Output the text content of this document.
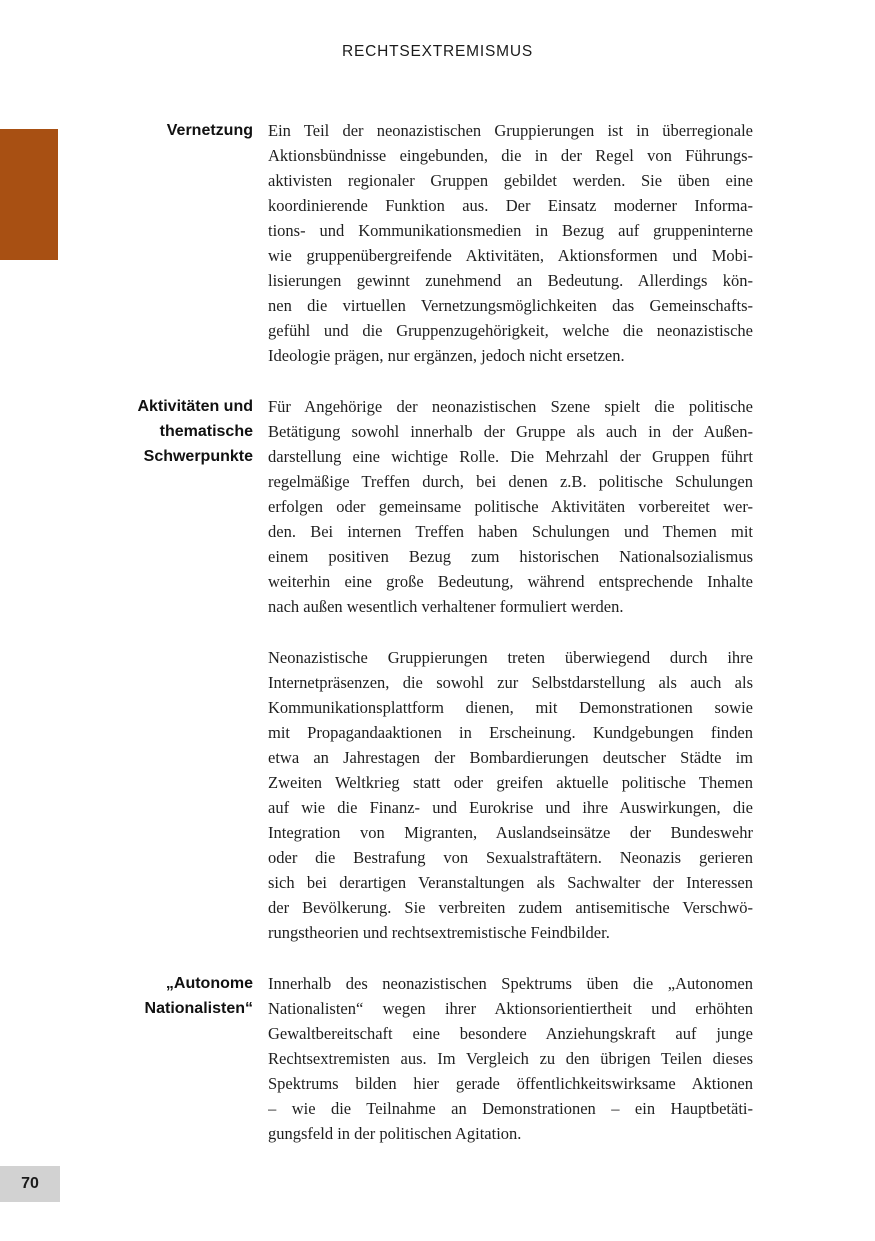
RECHTSEXTREMISMUS
Vernetzung Ein Teil der neonazistischen Gruppierungen ist in überregionale
Aktionsbündnisse eingebunden, die in der Regel von Führungs-
aktivisten regionaler Gruppen gebildet werden. Sie üben eine
koordinierende Funktion aus. Der Einsatz moderner Informa-
tions- und Kommunikationsmedien in Bezug auf gruppeninterne
wie gruppenübergreifende Aktivitäten, Aktionsformen und Mobi-
lisierungen gewinnt zunehmend an Bedeutung. Allerdings kön-
nen die virtuellen Vernetzungsmöglichkeiten das Gemeinschafts-
gefühl und die Gruppenzugehörigkeit, welche die neonazistische
Ideologie prägen, nur ergänzen, jedoch nicht ersetzen.
Aktivitäten und
thematische
Schwerpunkte
Für Angehörige der neonazistischen Szene spielt die politische
Betätigung sowohl innerhalb der Gruppe als auch in der Außen-
darstellung eine wichtige Rolle. Die Mehrzahl der Gruppen führt
regelmäßige Treffen durch, bei denen z.B. politische Schulungen
erfolgen oder gemeinsame politische Aktivitäten vorbereitet wer-
den. Bei internen Treffen haben Schulungen und Themen mit
einem positiven Bezug zum historischen Nationalsozialismus
weiterhin eine große Bedeutung, während entsprechende Inhalte
nach außen wesentlich verhaltener formuliert werden.
Neonazistische Gruppierungen treten überwiegend durch ihre
Internetpräsenzen, die sowohl zur Selbstdarstellung als auch als
Kommunikationsplattform dienen, mit Demonstrationen sowie
mit Propagandaaktionen in Erscheinung. Kundgebungen finden
etwa an Jahrestagen der Bombardierungen deutscher Städte im
Zweiten Weltkrieg statt oder greifen aktuelle politische Themen
auf wie die Finanz- und Eurokrise und ihre Auswirkungen, die
Integration von Migranten, Auslandseinsätze der Bundeswehr
oder die Bestrafung von Sexualstraftätern. Neonazis gerieren
sich bei derartigen Veranstaltungen als Sachwalter der Interessen
der Bevölkerung. Sie verbreiten zudem antisemitische Verschwö-
rungstheorien und rechtsextremistische Feindbilder.
„Autonome
Nationalisten“
Innerhalb des neonazistischen Spektrums üben die „Autonomen
Nationalisten“ wegen ihrer Aktionsorientiertheit und erhöhten
Gewaltbereitschaft eine besondere Anziehungskraft auf junge
Rechtsextremisten aus. Im Vergleich zu den übrigen Teilen dieses
Spektrums bilden hier gerade öffentlichkeitswirksame Aktionen
– wie die Teilnahme an Demonstrationen – ein Hauptbetäti-
gungsfeld in der politischen Agitation.
70
